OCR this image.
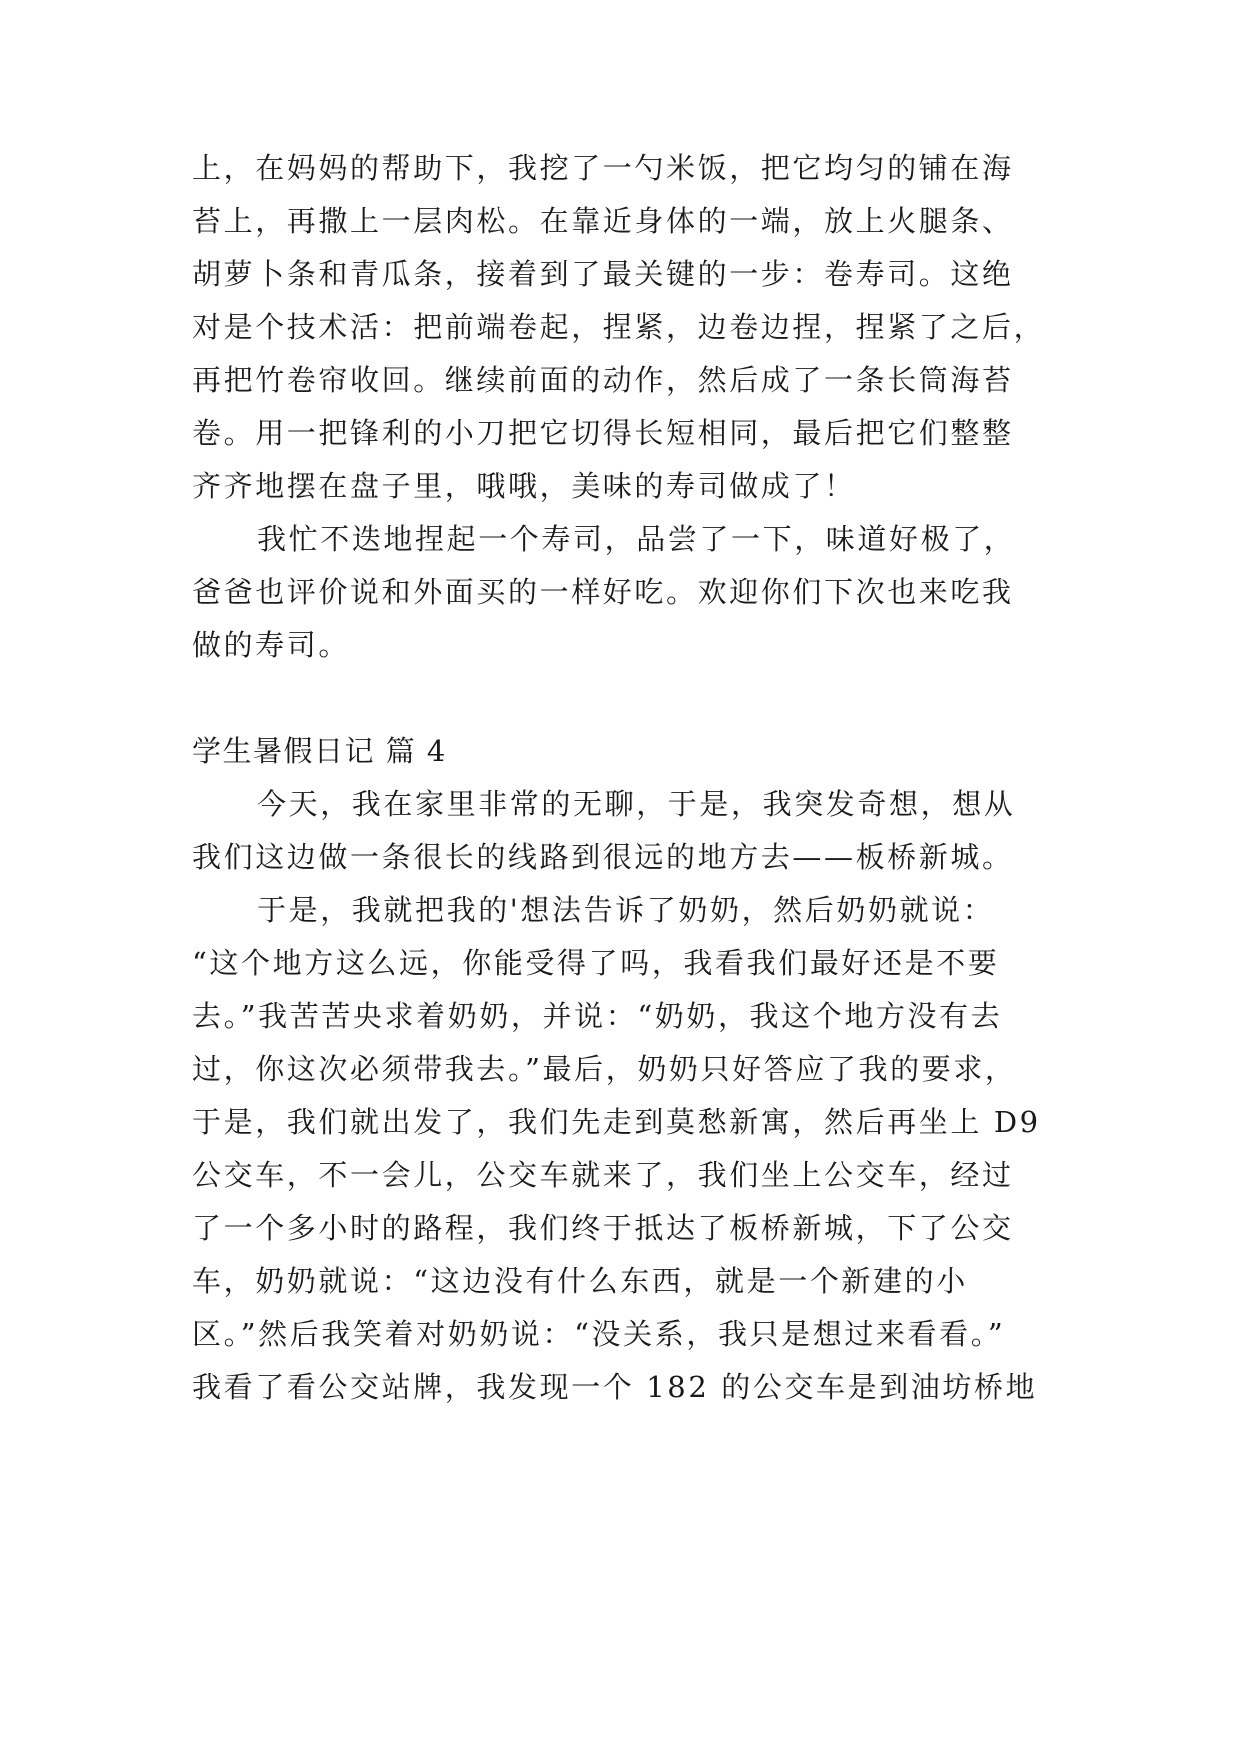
上，在妈妈的帮助下，我挖了一勺米饭，把它均匀的铺在海
苔上，再撒上一层肉松。在靠近身体的一端，放上火腿条、
胡萝卜条和青瓜条，接着到了最关键的一步：卷寿司。这绝
对是个技术活：把前端卷起，捏紧，边卷边捏，捏紧了之后，
再把竹卷帘收回。继续前面的动作，然后成了一条长筒海苔
卷。用一把锋利的小刀把它切得长短相同，最后把它们整整
齐齐地摆在盘子里，哦哦，美味的寿司做成了！
我忙不迭地捏起一个寿司，品尝了一下，味道好极了，
爸爸也评价说和外面买的一样好吃。欢迎你们下次也来吃我
做的寿司。
学生暑假日记 篇 4
今天，我在家里非常的无聊，于是，我突发奇想，想从
我们这边做一条很长的线路到很远的地方去——板桥新城。
于是，我就把我的'想法告诉了奶奶，然后奶奶就说：
“这个地方这么远，你能受得了吗，我看我们最好还是不要
去。”我苦苦央求着奶奶，并说：“奶奶，我这个地方没有去
过，你这次必须带我去。”最后，奶奶只好答应了我的要求，
于是，我们就出发了，我们先走到莫愁新寓，然后再坐上 D9
公交车，不一会儿，公交车就来了，我们坐上公交车，经过
了一个多小时的路程，我们终于抵达了板桥新城，下了公交
车，奶奶就说：“这边没有什么东西，就是一个新建的小
区。”然后我笑着对奶奶说：“没关系，我只是想过来看看。”
我看了看公交站牌，我发现一个 182 的公交车是到油坊桥地
